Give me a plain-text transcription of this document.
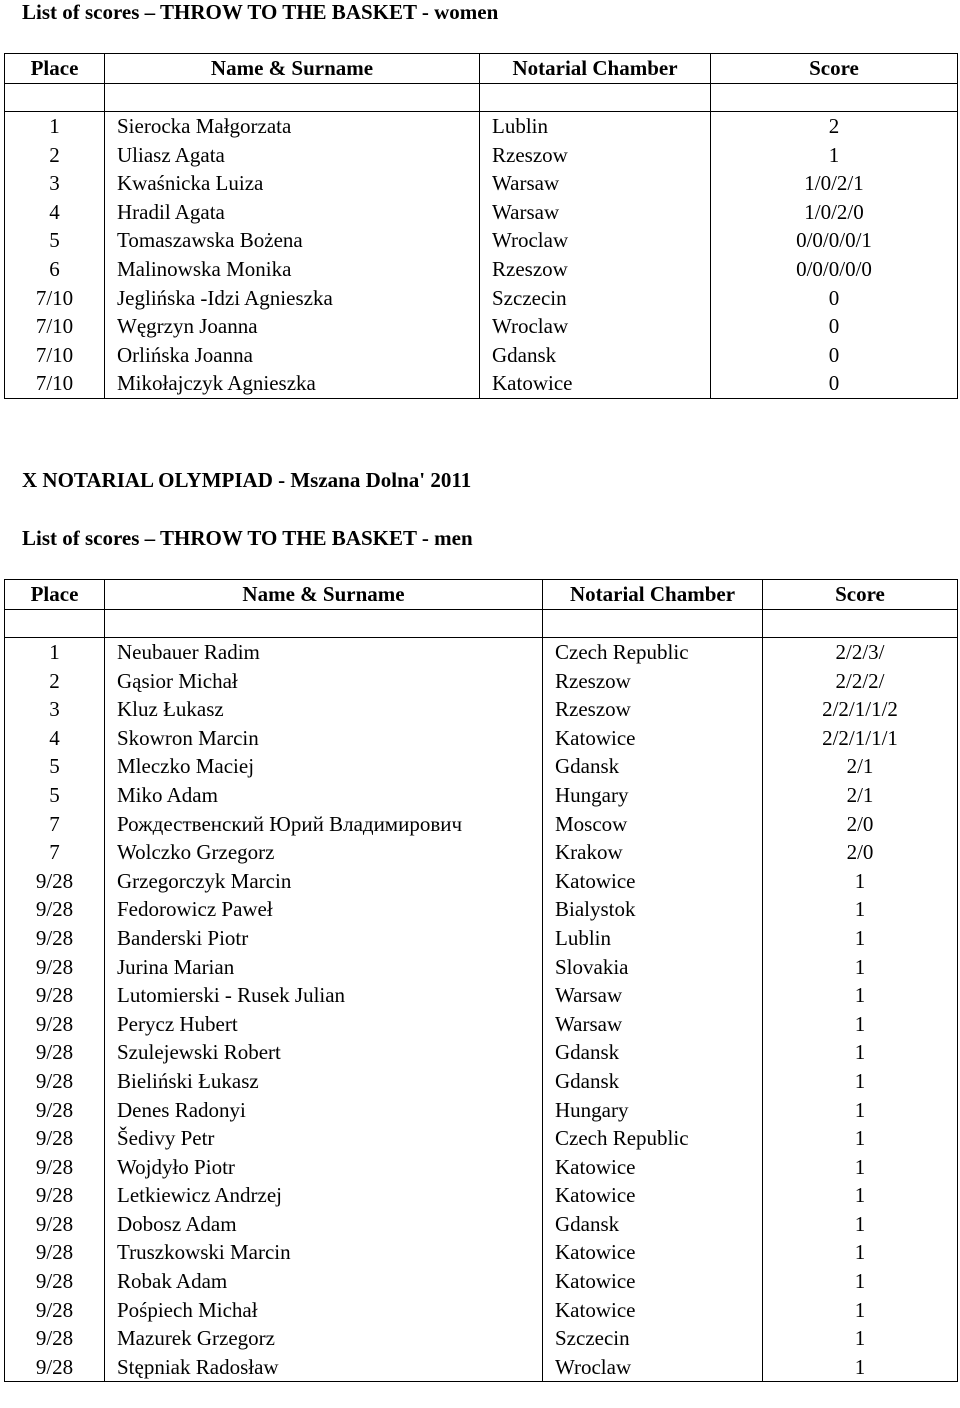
List of scores – THROW TO THE BASKET - women
Place	Name & Surname	Notarial Chamber	Score

1	Sierocka Małgorzata	Lublin	2
2	Uliasz Agata	Rzeszow	1
3	Kwaśnicka Luiza	Warsaw	1/0/2/1
4	Hradil Agata	Warsaw	1/0/2/0
5	Tomaszawska Bożena	Wroclaw	0/0/0/0/1
6	Malinowska Monika	Rzeszow	0/0/0/0/0
7/10	Jeglińska -Idzi Agnieszka	Szczecin	0
7/10	Węgrzyn Joanna	Wroclaw	0
7/10	Orlińska Joanna	Gdansk	0
7/10	Mikołajczyk Agnieszka	Katowice	0
X NOTARIAL OLYMPIAD - Mszana Dolna' 2011
List of scores – THROW TO THE BASKET - men
Place	Name & Surname	Notarial Chamber	Score

1	Neubauer Radim	Czech Republic	2/2/3/
2	Gąsior Michał	Rzeszow	2/2/2/
3	Kluz Łukasz	Rzeszow	2/2/1/1/2
4	Skowron Marcin	Katowice	2/2/1/1/1
5	Mleczko Maciej	Gdansk	2/1
5	Miko Adam	Hungary	2/1
7	Рождественский Юрий Владимирович	Moscow	2/0
7	Wolczko Grzegorz	Krakow	2/0
9/28	Grzegorczyk Marcin	Katowice	1
9/28	Fedorowicz Paweł	Bialystok	1
9/28	Banderski Piotr	Lublin	1
9/28	Jurina Marian	Slovakia	1
9/28	Lutomierski - Rusek Julian	Warsaw	1
9/28	Perycz Hubert	Warsaw	1
9/28	Szulejewski Robert	Gdansk	1
9/28	Bieliński Łukasz	Gdansk	1
9/28	Denes Radonyi	Hungary	1
9/28	Šedivy Petr	Czech Republic	1
9/28	Wojdyło Piotr	Katowice	1
9/28	Letkiewicz Andrzej	Katowice	1
9/28	Dobosz Adam	Gdansk	1
9/28	Truszkowski Marcin	Katowice	1
9/28	Robak Adam	Katowice	1
9/28	Pośpiech Michał	Katowice	1
9/28	Mazurek Grzegorz	Szczecin	1
9/28	Stępniak Radosław	Wroclaw	1
